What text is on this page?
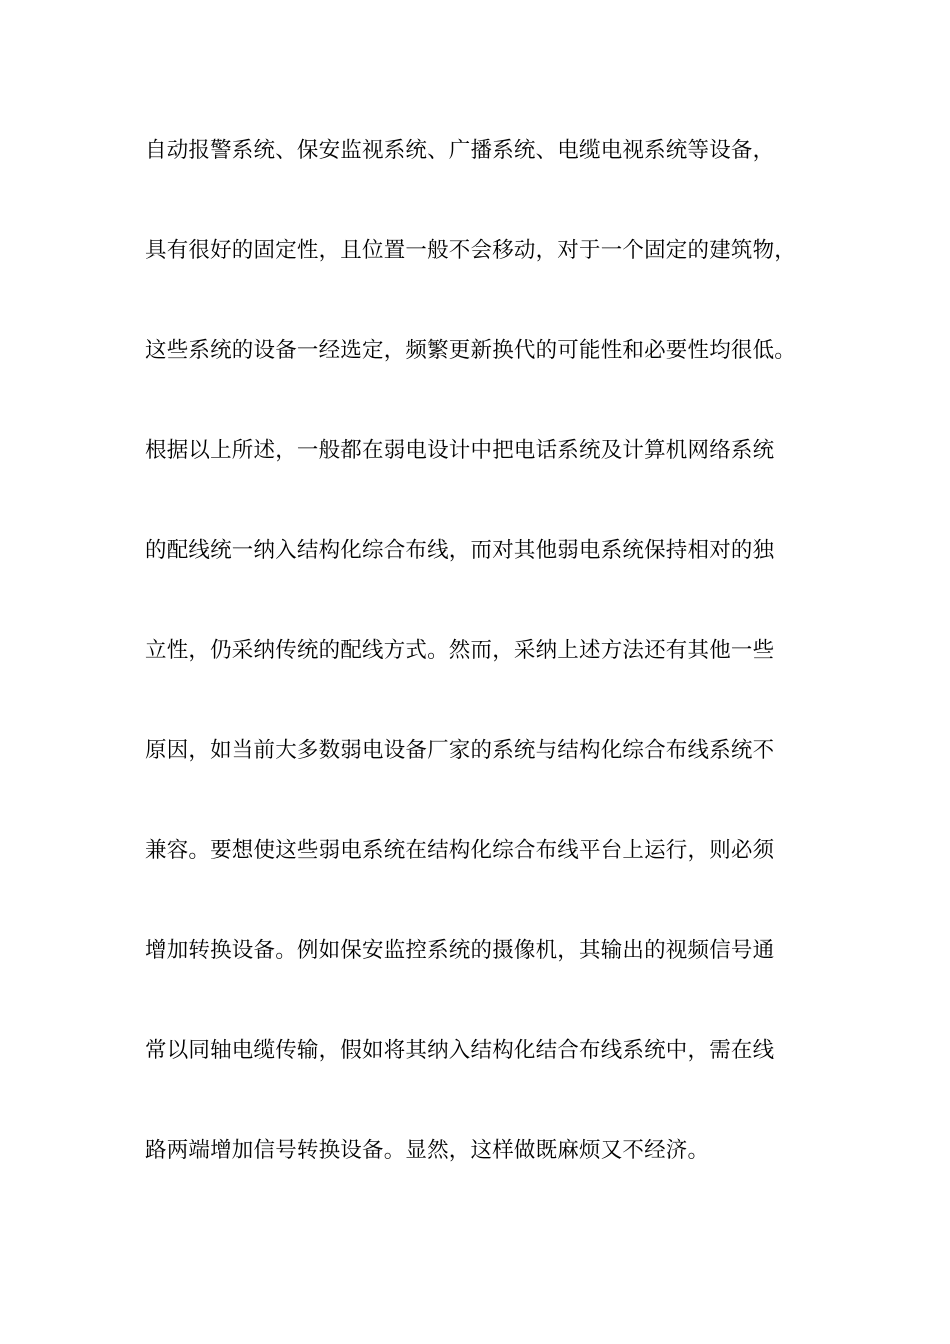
自动报警系统、保安监视系统、广播系统、电缆电视系统等设备，
具有很好的固定性，且位置一般不会移动，对于一个固定的建筑物，
这些系统的设备一经选定，频繁更新换代的可能性和必要性均很低。
根据以上所述，一般都在弱电设计中把电话系统及计算机网络系统
的配线统一纳入结构化综合布线，而对其他弱电系统保持相对的独
立性，仍采纳传统的配线方式。然而，采纳上述方法还有其他一些
原因，如当前大多数弱电设备厂家的系统与结构化综合布线系统不
兼容。要想使这些弱电系统在结构化综合布线平台上运行，则必须
增加转换设备。例如保安监控系统的摄像机，其输出的视频信号通
常以同轴电缆传输，假如将其纳入结构化结合布线系统中，需在线
路两端增加信号转换设备。显然，这样做既麻烦又不经济。
